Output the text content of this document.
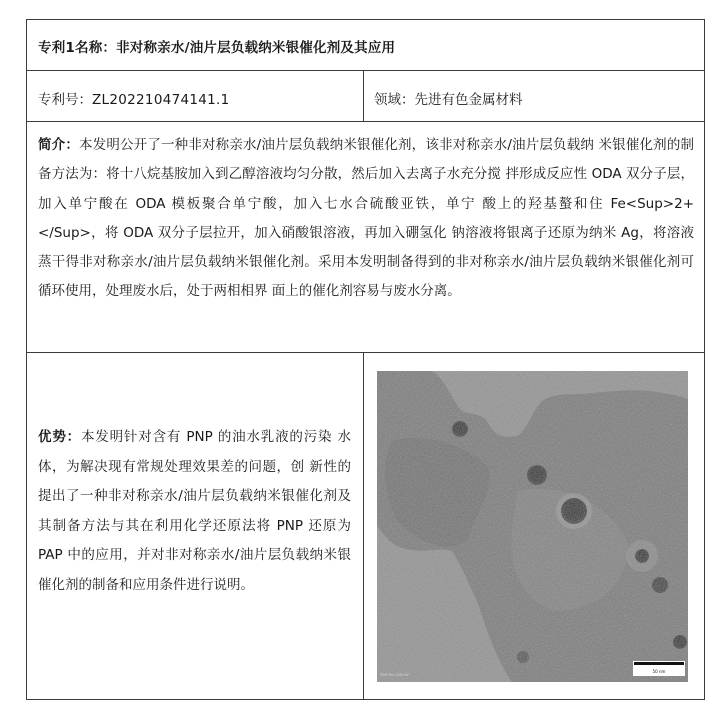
专利1名称：非对称亲水/油片层负载纳米银催化剂及其应用
专利号：ZL202210474141.1	领域：先进有色金属材料
简介：本发明公开了一种非对称亲水/油片层负载纳米银催化剂，该非对称亲水/油片层负载纳 米银催化剂的制备方法为：将十八烷基胺加入到乙醇溶液均匀分散，然后加入去离子水充分搅 拌形成反应性 ODA 双分子层，加入单宁酸在 ODA 模板聚合单宁酸，加入七水合硫酸亚铁，单宁 酸上的羟基螯和住 Fe<Sup>2+</Sup>，将 ODA 双分子层拉开，加入硝酸银溶液，再加入硼氢化 钠溶液将银离子还原为纳米 Ag，将溶液蒸干得非对称亲水/油片层负载纳米银催化剂。采用本发明制备得到的非对称亲水/油片层负载纳米银催化剂可循环使用，处理废水后，处于两相相界 面上的催化剂容易与废水分离。
优势：本发明针对含有 PNP 的油水乳液的污染 水体，为解决现有常规处理效果差的问题，创 新性的提出了一种非对称亲水/油片层负载纳米银催化剂及其制备方法与其在利用化学还原法将 PNP 还原为 PAP 中的应用，并对非对称亲水/油片层负载纳米银催化剂的制备和应用条件进行说明。
50 nm
TEM HV=200 kV
